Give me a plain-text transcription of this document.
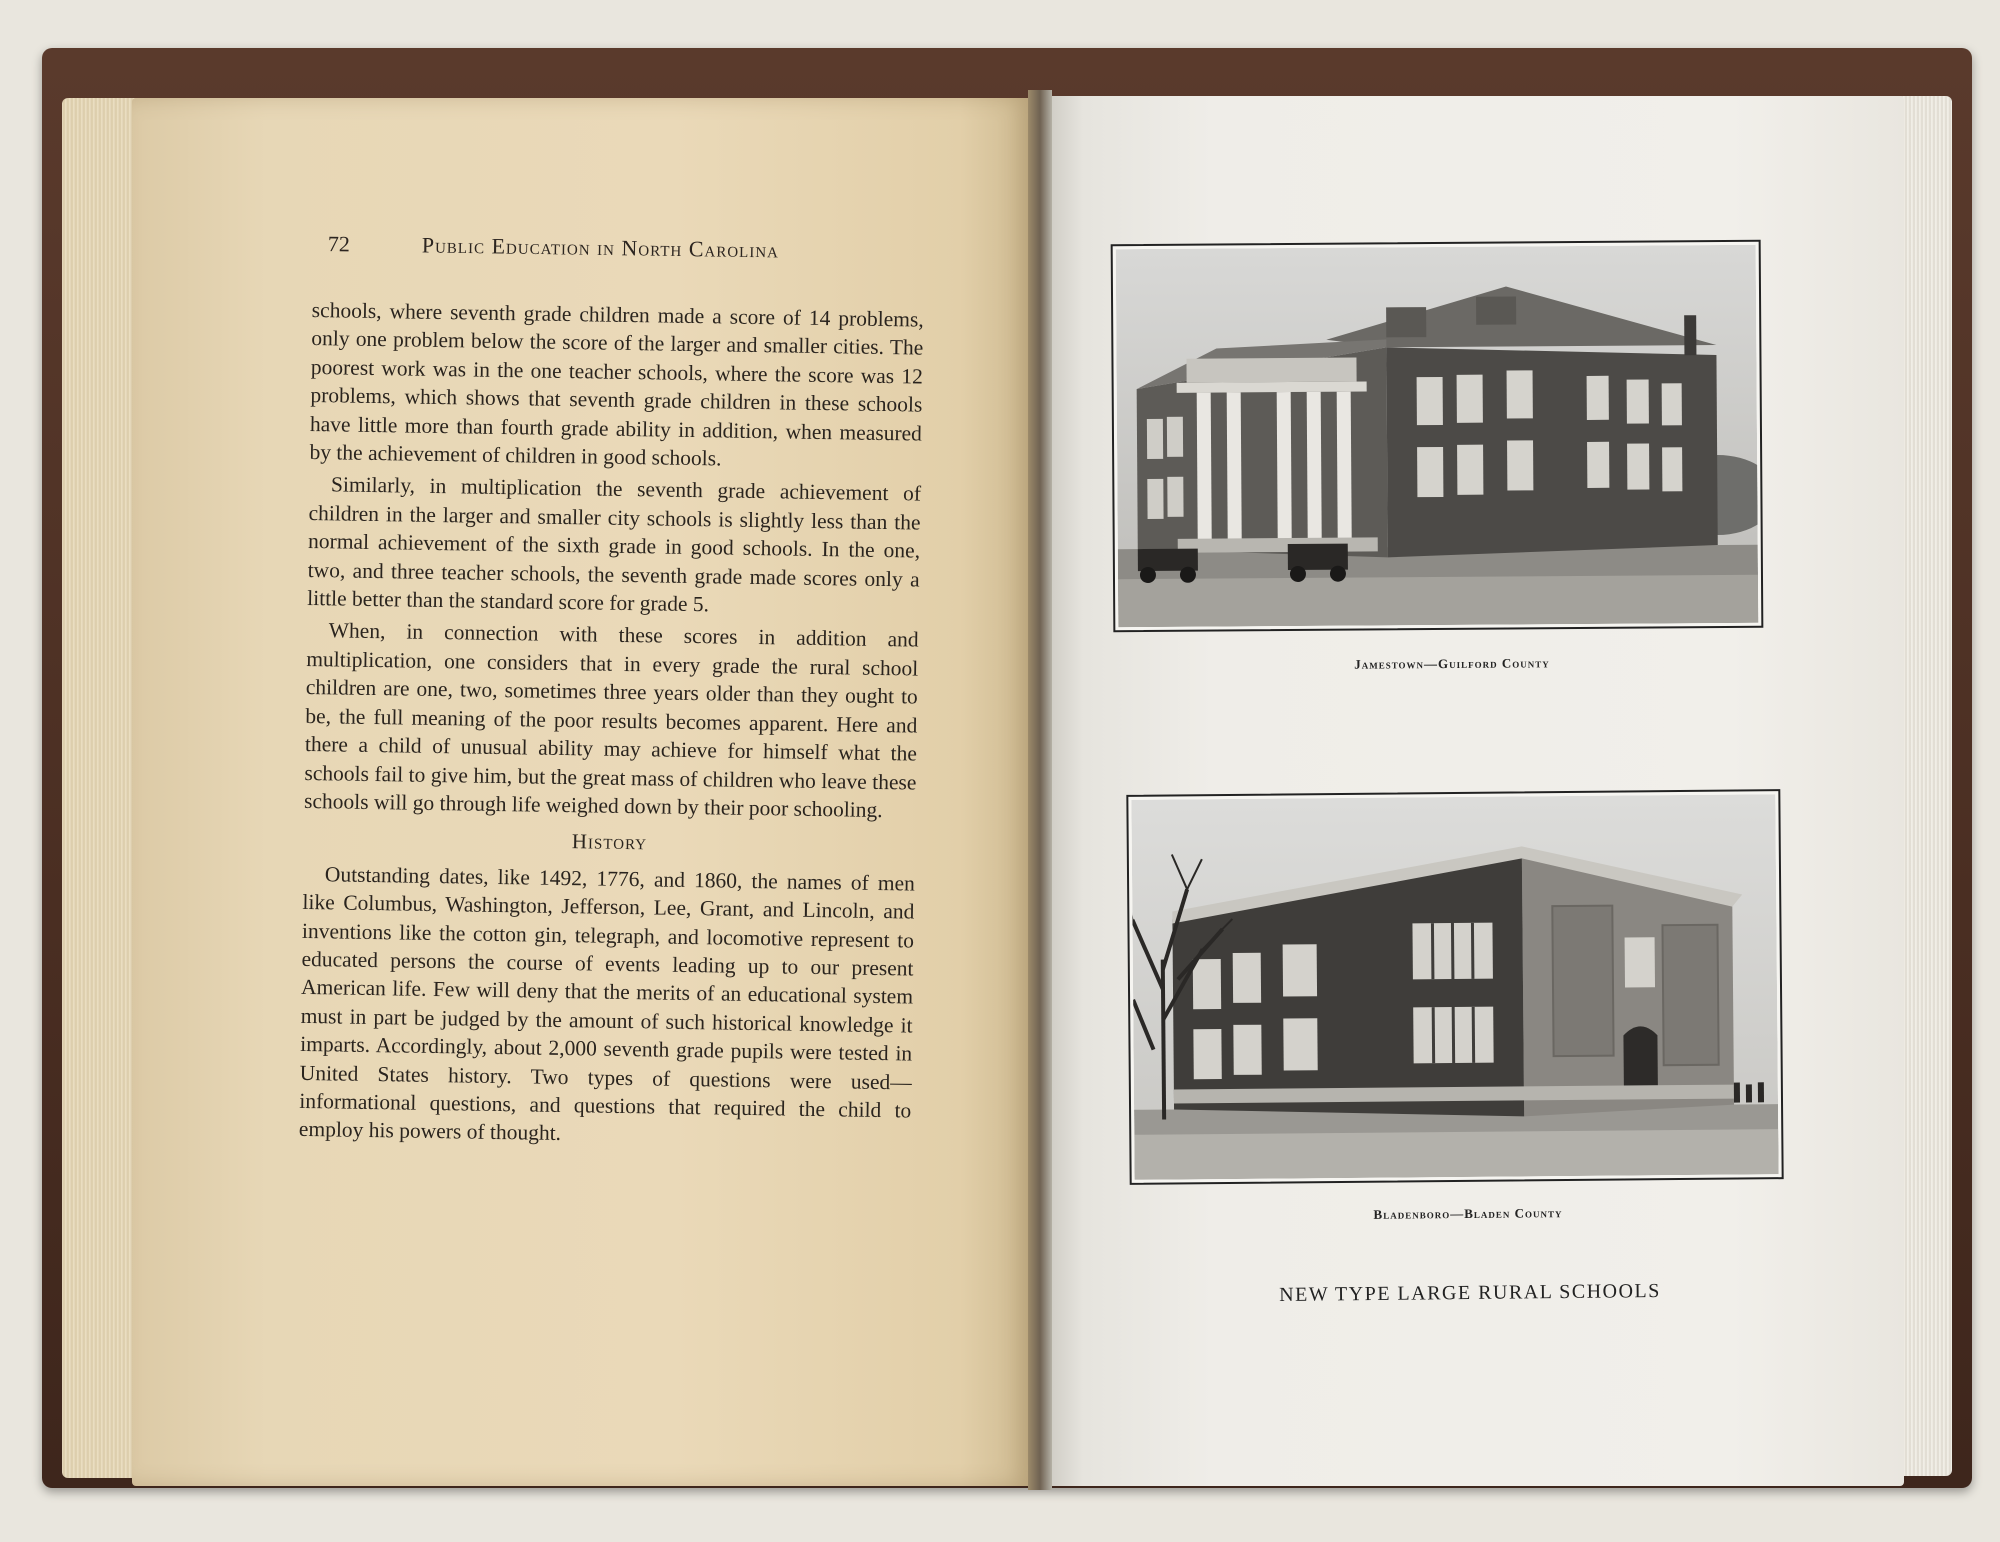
72	Public Education in North Carolina

schools, where seventh grade children made a score of 14 problems, only one problem below the score of the larger and smaller cities. The poorest work was in the one teacher schools, where the score was 12 problems, which shows that seventh grade children in these schools have little more than fourth grade ability in addition, when measured by the achievement of children in good schools.

Similarly, in multiplication the seventh grade achievement of children in the larger and smaller city schools is slightly less than the normal achievement of the sixth grade in good schools. In the one, two, and three teacher schools, the seventh grade made scores only a little better than the standard score for grade 5.

When, in connection with these scores in addition and multiplication, one considers that in every grade the rural school children are one, two, sometimes three years older than they ought to be, the full meaning of the poor results becomes apparent. Here and there a child of unusual ability may achieve for himself what the schools fail to give him, but the great mass of children who leave these schools will go through life weighed down by their poor schooling.

History

Outstanding dates, like 1492, 1776, and 1860, the names of men like Columbus, Washington, Jefferson, Lee, Grant, and Lincoln, and inventions like the cotton gin, telegraph, and locomotive represent to educated persons the course of events leading up to our present American life. Few will deny that the merits of an educational system must in part be judged by the amount of such historical knowledge it imparts. Accordingly, about 2,000 seventh grade pupils were tested in United States history. Two types of questions were used—informational questions, and questions that required the child to employ his powers of thought.

Jamestown—Guilford County
Bladenboro—Bladen County
NEW TYPE LARGE RURAL SCHOOLS
